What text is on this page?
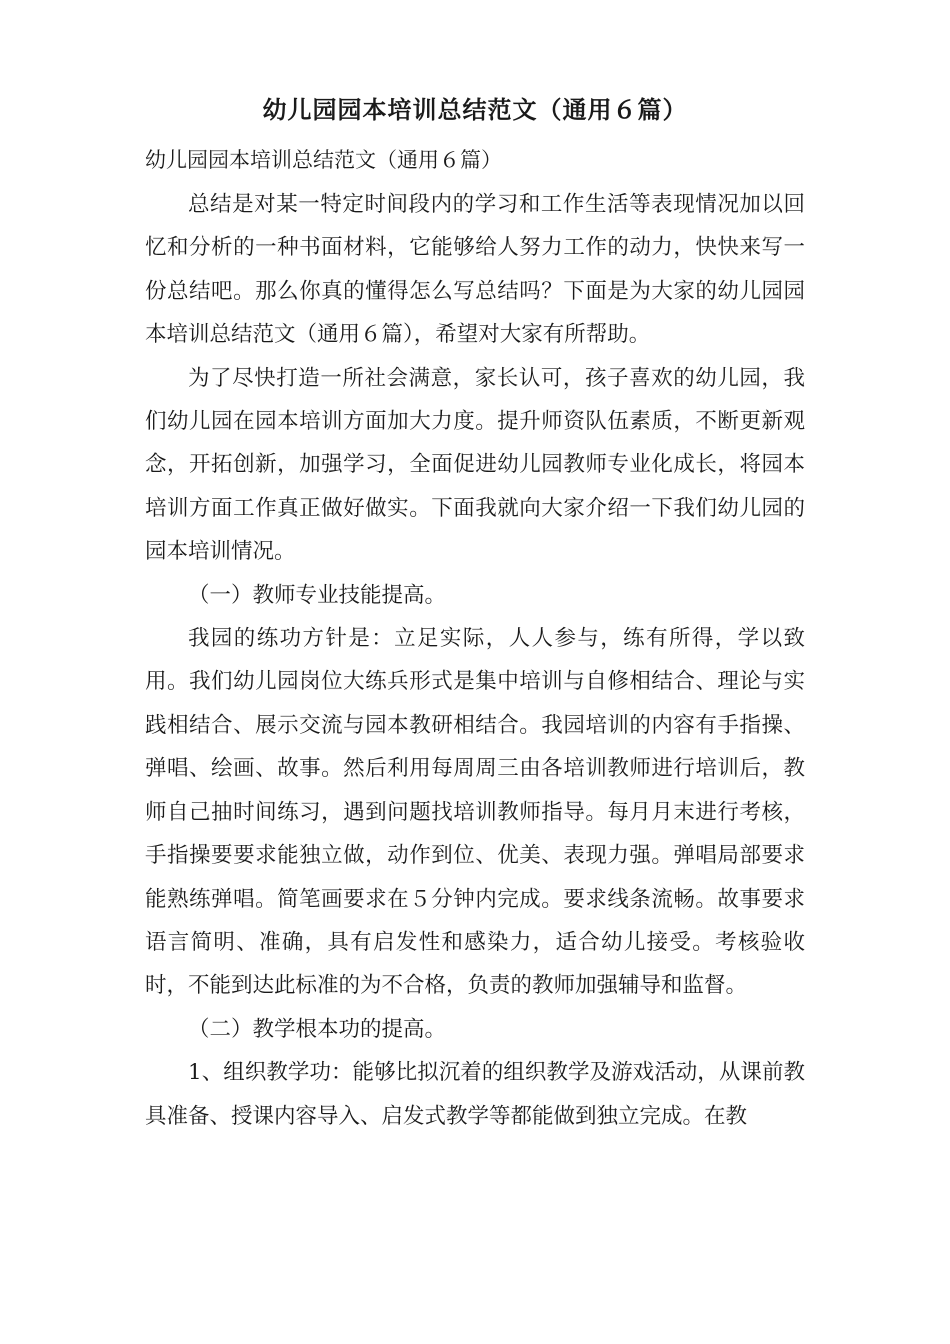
幼儿园园本培训总结范文（通用６篇）
幼儿园园本培训总结范文（通用６篇）

总结是对某一特定时间段内的学习和工作生活等表现情况加以回忆和分析的一种书面材料，它能够给人努力工作的动力，快快来写一份总结吧。那么你真的懂得怎么写总结吗？下面是为大家的幼儿园园本培训总结范文（通用６篇），希望对大家有所帮助。

为了尽快打造一所社会满意，家长认可，孩子喜欢的幼儿园，我们幼儿园在园本培训方面加大力度。提升师资队伍素质，不断更新观念，开拓创新，加强学习，全面促进幼儿园教师专业化成长，将园本培训方面工作真正做好做实。下面我就向大家介绍一下我们幼儿园的园本培训情况。

（一）教师专业技能提高。

我园的练功方针是：立足实际，人人参与，练有所得，学以致用。我们幼儿园岗位大练兵形式是集中培训与自修相结合、理论与实践相结合、展示交流与园本教研相结合。我园培训的内容有手指操、弹唱、绘画、故事。然后利用每周周三由各培训教师进行培训后，教师自己抽时间练习，遇到问题找培训教师指导。每月月末进行考核，手指操要要求能独立做，动作到位、优美、表现力强。弹唱局部要求能熟练弹唱。简笔画要求在５分钟内完成。要求线条流畅。故事要求语言简明、准确，具有启发性和感染力，适合幼儿接受。考核验收时，不能到达此标准的为不合格，负责的教师加强辅导和监督。

（二）教学根本功的提高。

1、组织教学功：能够比拟沉着的组织教学及游戏活动，从课前教具准备、授课内容导入、启发式教学等都能做到独立完成。在教
